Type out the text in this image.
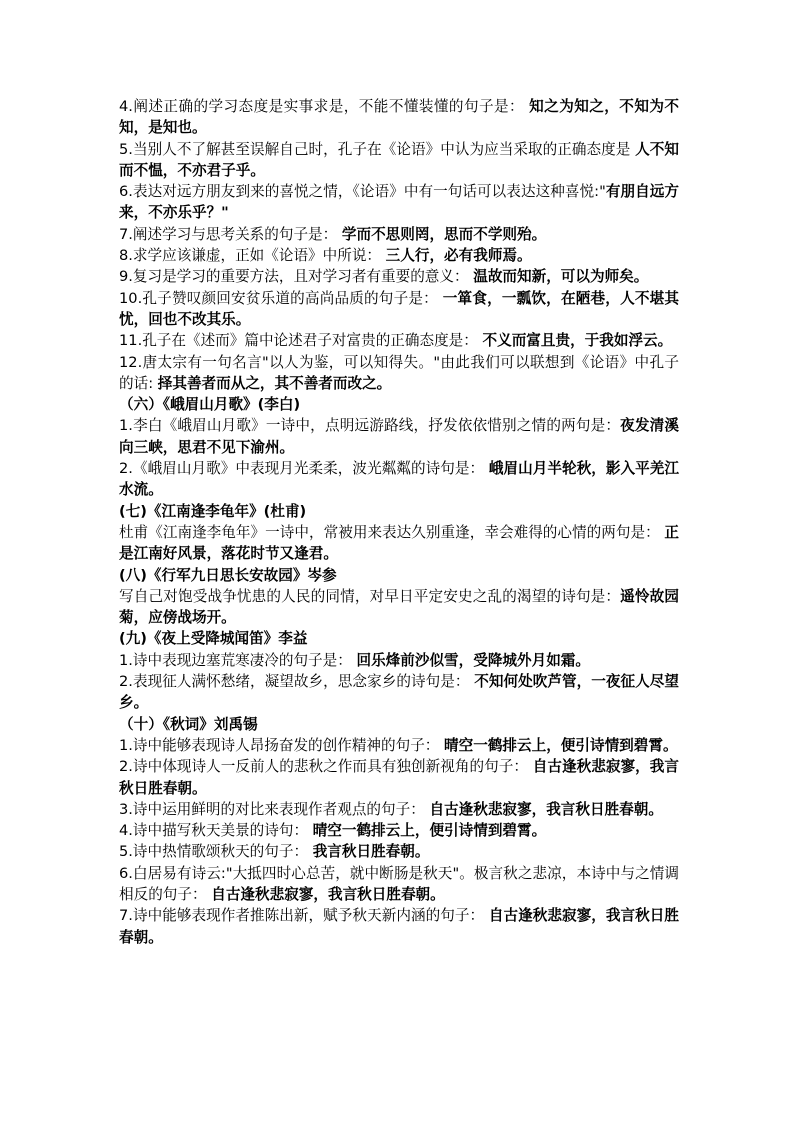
4.阐述正确的学习态度是实事求是，不能不懂装懂的句子是： 知之为知之，不知为不知，是知也。

5.当别人不了解甚至误解自己时，孔子在《论语》中认为应当采取的正确态度是 人不知而不愠，不亦君子乎。

6.表达对远方朋友到来的喜悦之情，《论语》中有一句话可以表达这种喜悦:"有朋自远方来，不亦乐乎？"

7.阐述学习与思考关系的句子是： 学而不思则罔，思而不学则殆。

8.求学应该谦虚，正如《论语》中所说： 三人行，必有我师焉。

9.复习是学习的重要方法，且对学习者有重要的意义： 温故而知新，可以为师矣。

10.孔子赞叹颜回安贫乐道的高尚品质的句子是： 一箪食，一瓢饮，在陋巷，人不堪其忧，回也不改其乐。

11.孔子在《述而》篇中论述君子对富贵的正确态度是： 不义而富且贵，于我如浮云。

12.唐太宗有一句名言"以人为鉴，可以知得失。"由此我们可以联想到《论语》中孔子的话: 择其善者而从之，其不善者而改之。

（六）《峨眉山月歌》(李白)

1.李白《峨眉山月歌》一诗中，点明远游路线，抒发依依惜别之情的两句是：夜发清溪向三峡，思君不见下渝州。

2.《峨眉山月歌》中表现月光柔柔，波光粼粼的诗句是： 峨眉山月半轮秋，影入平羌江水流。

(七)《江南逢李龟年》(杜甫)

杜甫《江南逢李龟年》一诗中，常被用来表达久别重逢，幸会难得的心情的两句是： 正是江南好风景，落花时节又逢君。

(八)《行军九日思长安故园》岑参

写自己对饱受战争忧患的人民的同情，对早日平定安史之乱的渴望的诗句是：遥怜故园菊，应傍战场开。

(九)《夜上受降城闻笛》李益

1.诗中表现边塞荒寒凄冷的句子是： 回乐烽前沙似雪，受降城外月如霜。

2.表现征人满怀愁绪，凝望故乡，思念家乡的诗句是： 不知何处吹芦管，一夜征人尽望乡。

（十）《秋词》刘禹锡

1.诗中能够表现诗人昂扬奋发的创作精神的句子： 晴空一鹤排云上，便引诗情到碧霄。

2.诗中体现诗人一反前人的悲秋之作而具有独创新视角的句子： 自古逢秋悲寂寥，我言秋日胜春朝。

3.诗中运用鲜明的对比来表现作者观点的句子： 自古逢秋悲寂寥，我言秋日胜春朝。

4.诗中描写秋天美景的诗句： 晴空一鹤排云上，便引诗情到碧霄。

5.诗中热情歌颂秋天的句子： 我言秋日胜春朝。

6.白居易有诗云:"大抵四时心总苦，就中断肠是秋天"。极言秋之悲凉，本诗中与之情调相反的句子： 自古逢秋悲寂寥，我言秋日胜春朝。

7.诗中能够表现作者推陈出新，赋予秋天新内涵的句子： 自古逢秋悲寂寥，我言秋日胜春朝。
